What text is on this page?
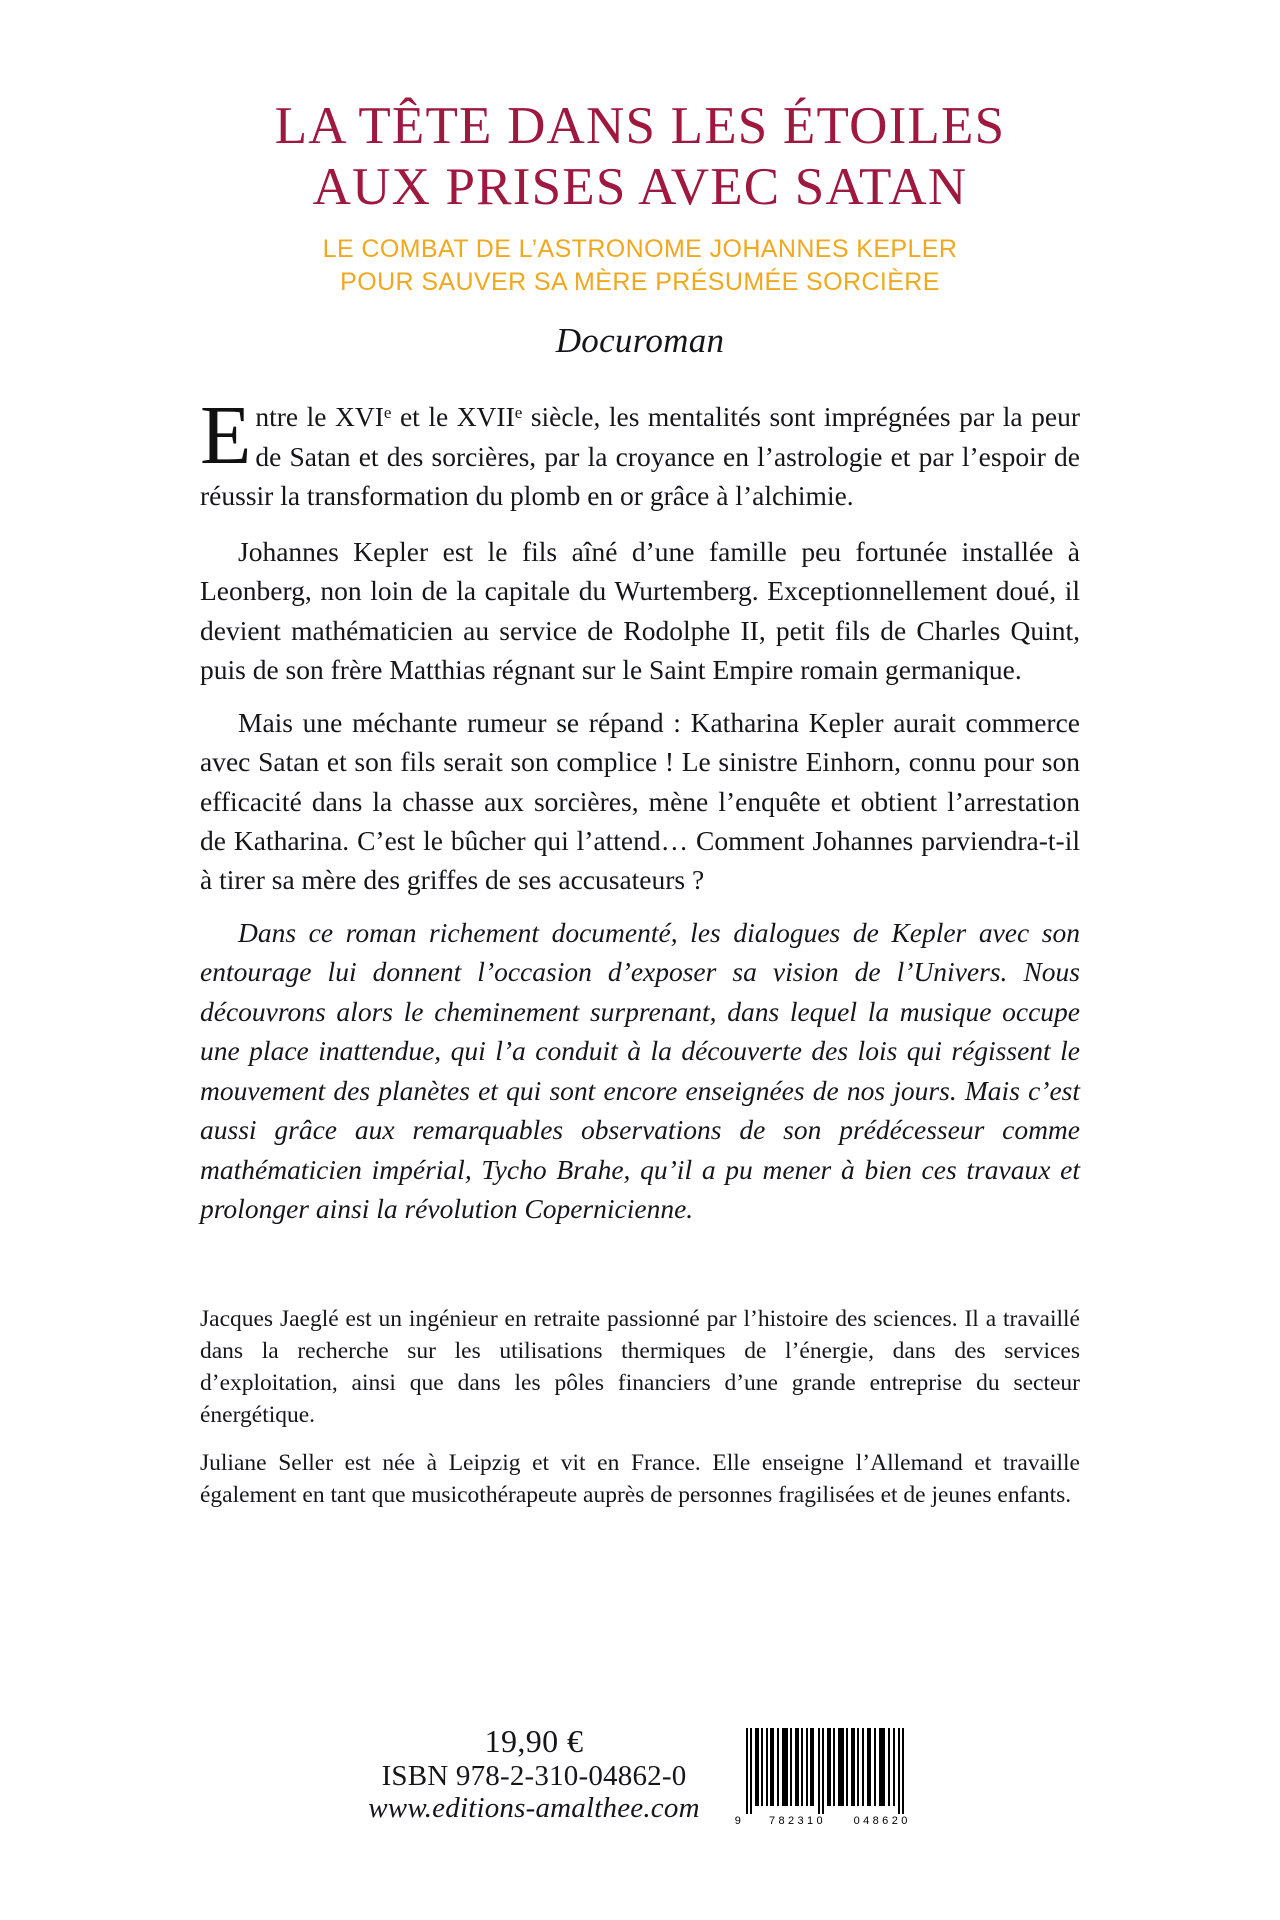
LA TÊTE DANS LES ÉTOILES
AUX PRISES AVEC SATAN
LE COMBAT DE L’ASTRONOME JOHANNES KEPLER
POUR SAUVER SA MÈRE PRÉSUMÉE SORCIÈRE
Docuroman

E ntre le XVIe et le XVIIe siècle, les mentalités sont imprégnées par la peur de Satan et des sorcières, par la croyance en l’astrologie et par l’espoir de réussir la transformation du plomb en or grâce à l’alchimie.

Johannes Kepler est le fils aîné d’une famille peu fortunée installée à Leonberg, non loin de la capitale du Wurtemberg. Exceptionnellement doué, il devient mathématicien au service de Rodolphe II, petit fils de Charles Quint, puis de son frère Matthias régnant sur le Saint Empire romain germanique.

Mais une méchante rumeur se répand : Katharina Kepler aurait commerce avec Satan et son fils serait son complice ! Le sinistre Einhorn, connu pour son efficacité dans la chasse aux sorcières, mène l’enquête et obtient l’arrestation de Katharina. C’est le bûcher qui l’attend… Comment Johannes parviendra-t-il à tirer sa mère des griffes de ses accusateurs ?

Dans ce roman richement documenté, les dialogues de Kepler avec son entourage lui donnent l’occasion d’exposer sa vision de l’Univers. Nous découvrons alors le cheminement surprenant, dans lequel la musique occupe une place inattendue, qui l’a conduit à la découverte des lois qui régissent le mouvement des planètes et qui sont encore enseignées de nos jours. Mais c’est aussi grâce aux remarquables observations de son prédécesseur comme mathématicien impérial, Tycho Brahe, qu’il a pu mener à bien ces travaux et prolonger ainsi la révolution Copernicienne.

Jacques Jaeglé est un ingénieur en retraite passionné par l’histoire des sciences. Il a travaillé dans la recherche sur les utilisations thermiques de l’énergie, dans des services d’exploitation, ainsi que dans les pôles financiers d’une grande entreprise du secteur énergétique.

Juliane Seller est née à Leipzig et vit en France. Elle enseigne l’Allemand et travaille également en tant que musicothérapeute auprès de personnes fragilisées et de jeunes enfants.

19,90 €
ISBN 978-2-310-04862-0
www.editions-amalthee.com	9	782310	048620
